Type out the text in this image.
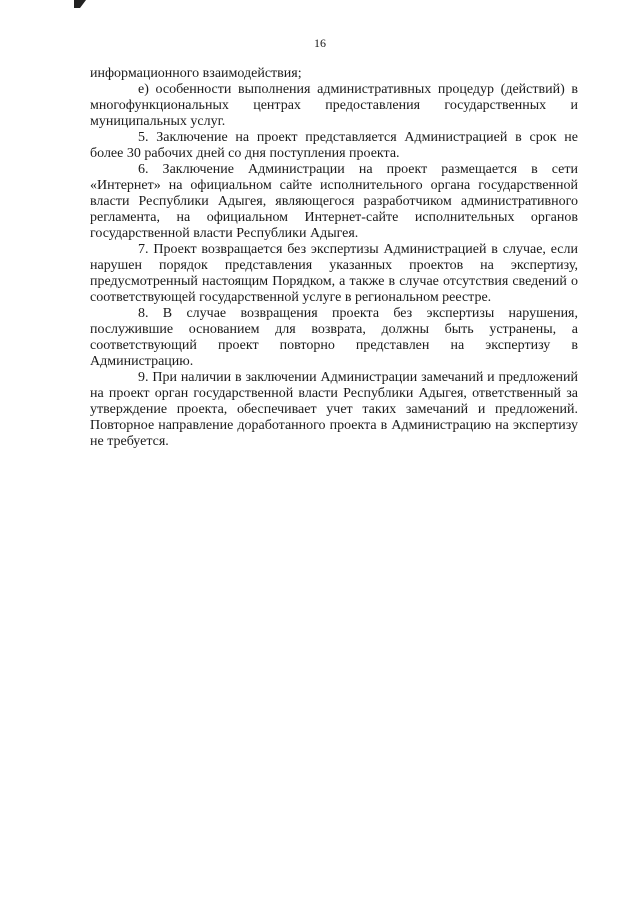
16

информационного взаимодействия;

е) особенности выполнения административных процедур (действий) в многофункциональных центрах предоставления государственных и муниципальных услуг.

5. Заключение на проект представляется Администрацией в срок не более 30 рабочих дней со дня поступления проекта.

6. Заключение Администрации на проект размещается в сети «Интернет» на официальном сайте исполнительного органа государственной власти Республики Адыгея, являющегося разработчиком административного регламента, на официальном Интернет-сайте исполнительных органов государственной власти Республики Адыгея.

7. Проект возвращается без экспертизы Администрацией в случае, если нарушен порядок представления указанных проектов на экспертизу, предусмотренный настоящим Порядком, а также в случае отсутствия сведений о соответствующей государственной услуге в региональном реестре.

8. В случае возвращения проекта без экспертизы нарушения, послужившие основанием для возврата, должны быть устранены, а соответствующий проект повторно представлен на экспертизу в Администрацию.

9. При наличии в заключении Администрации замечаний и предложений на проект орган государственной власти Республики Адыгея, ответственный за утверждение проекта, обеспечивает учет таких замечаний и предложений. Повторное направление доработанного проекта в Администрацию на экспертизу не требуется.
